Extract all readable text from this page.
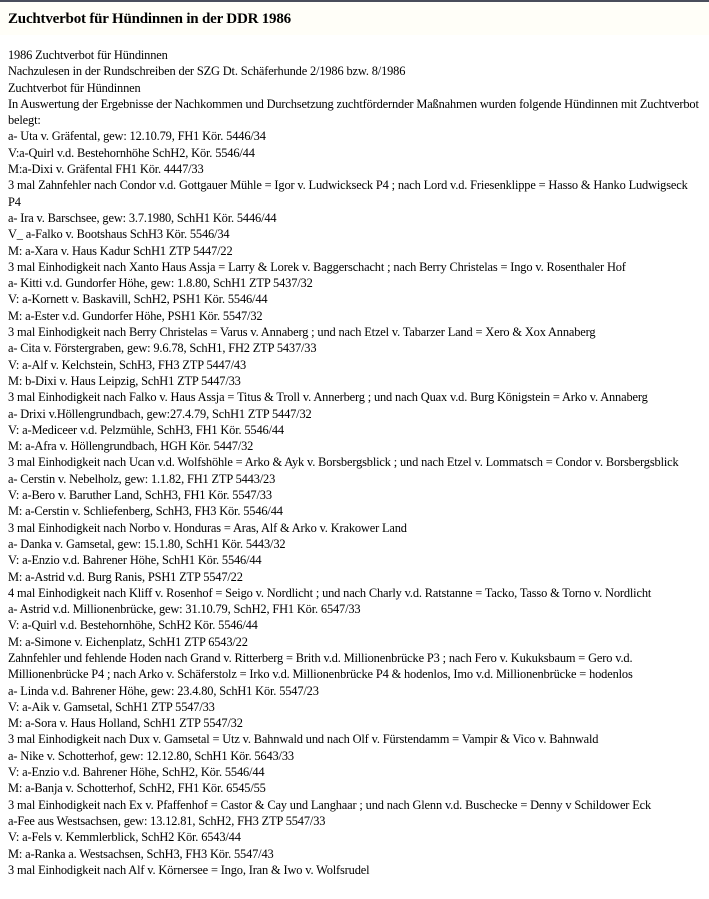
Zuchtverbot für Hündinnen in der DDR 1986
1986 Zuchtverbot für Hündinnen
Nachzulesen in der Rundschreiben der SZG Dt. Schäferhunde 2/1986 bzw. 8/1986
Zuchtverbot für Hündinnen
In Auswertung der Ergebnisse der Nachkommen und Durchsetzung zuchtfördernder Maßnahmen wurden folgende Hündinnen mit Zuchtverbot belegt:
a- Uta v. Gräfental, gew: 12.10.79, FH1 Kör. 5446/34
V:a-Quirl v.d. Bestehornhöhe SchH2, Kör. 5546/44
M:a-Dixi v. Gräfental FH1 Kör. 4447/33
3 mal Zahnfehler nach Condor v.d. Gottgauer Mühle = Igor v. Ludwickseck P4 ; nach Lord v.d. Friesenklippe = Hasso & Hanko Ludwigseck P4
a- Ira v. Barschsee, gew: 3.7.1980, SchH1 Kör. 5446/44
V_ a-Falko v. Bootshaus SchH3 Kör. 5546/34
M: a-Xara v. Haus Kadur SchH1 ZTP 5447/22
3 mal Einhodigkeit nach Xanto Haus Assja = Larry & Lorek v. Baggerschacht ; nach Berry Christelas = Ingo v. Rosenthaler Hof
a- Kitti v.d. Gundorfer Höhe, gew: 1.8.80, SchH1 ZTP 5437/32
V: a-Kornett v. Baskavill, SchH2, PSH1 Kör. 5546/44
M: a-Ester v.d. Gundorfer Höhe, PSH1 Kör. 5547/32
3 mal Einhodigkeit nach Berry Christelas = Varus v. Annaberg ; und nach Etzel v. Tabarzer Land = Xero & Xox Annaberg
a- Cita v. Förstergraben, gew: 9.6.78, SchH1, FH2 ZTP 5437/33
V: a-Alf v. Kelchstein, SchH3, FH3 ZTP 5447/43
M: b-Dixi v. Haus Leipzig, SchH1 ZTP 5447/33
3 mal Einhodigkeit nach Falko v. Haus Assja = Titus & Troll v. Annerberg ; und nach Quax v.d. Burg Königstein = Arko v. Annaberg
a- Drixi v.Höllengrundbach, gew:27.4.79, SchH1 ZTP 5447/32
V: a-Mediceer v.d. Pelzmühle, SchH3, FH1 Kör. 5546/44
M: a-Afra v. Höllengrundbach, HGH Kör. 5447/32
3 mal Einhodigkeit nach Ucan v.d. Wolfshöhle = Arko & Ayk v. Borsbergsblick ; und nach Etzel v. Lommatsch = Condor v. Borsbergsblick
a- Cerstin v. Nebelholz, gew: 1.1.82, FH1 ZTP 5443/23
V: a-Bero v. Baruther Land, SchH3, FH1 Kör. 5547/33
M: a-Cerstin v. Schliefenberg, SchH3, FH3 Kör. 5546/44
3 mal Einhodigkeit nach Norbo v. Honduras = Aras, Alf & Arko v. Krakower Land
a- Danka v. Gamsetal, gew: 15.1.80, SchH1 Kör. 5443/32
V: a-Enzio v.d. Bahrener Höhe, SchH1 Kör. 5546/44
M: a-Astrid v.d. Burg Ranis, PSH1 ZTP 5547/22
4 mal Einhodigkeit nach Kliff v. Rosenhof = Seigo v. Nordlicht ; und nach Charly v.d. Ratstanne = Tacko, Tasso & Torno v. Nordlicht
a- Astrid v.d. Millionenbrücke, gew: 31.10.79, SchH2, FH1 Kör. 6547/33
V: a-Quirl v.d. Bestehornhöhe, SchH2 Kör. 5546/44
M: a-Simone v. Eichenplatz, SchH1 ZTP 6543/22
Zahnfehler und fehlende Hoden nach Grand v. Ritterberg = Brith v.d. Millionenbrücke P3 ; nach Fero v. Kukuksbaum = Gero v.d. Millionenbrücke P4 ; nach Arko v. Schäferstolz = Irko v.d. Millionenbrücke P4 & hodenlos, Imo v.d. Millionenbrücke = hodenlos
a- Linda v.d. Bahrener Höhe, gew: 23.4.80, SchH1 Kör. 5547/23
V: a-Aik v. Gamsetal, SchH1 ZTP 5547/33
M: a-Sora v. Haus Holland, SchH1 ZTP 5547/32
3 mal Einhodigkeit nach Dux v. Gamsetal = Utz v. Bahnwald und nach Olf v. Fürstendamm = Vampir & Vico v. Bahnwald
a- Nike v. Schotterhof, gew: 12.12.80, SchH1 Kör. 5643/33
V: a-Enzio v.d. Bahrener Höhe, SchH2, Kör. 5546/44
M: a-Banja v. Schotterhof, SchH2, FH1 Kör. 6545/55
3 mal Einhodigkeit nach Ex v. Pfaffenhof = Castor & Cay und Langhaar ; und nach Glenn v.d. Buschecke = Denny v Schildower Eck
a-Fee aus Westsachsen, gew: 13.12.81, SchH2, FH3 ZTP 5547/33
V: a-Fels v. Kemmlerblick, SchH2 Kör. 6543/44
M: a-Ranka a. Westsachsen, SchH3, FH3 Kör. 5547/43
3 mal Einhodigkeit nach Alf v. Körnersee = Ingo, Iran & Iwo v. Wolfsrudel
